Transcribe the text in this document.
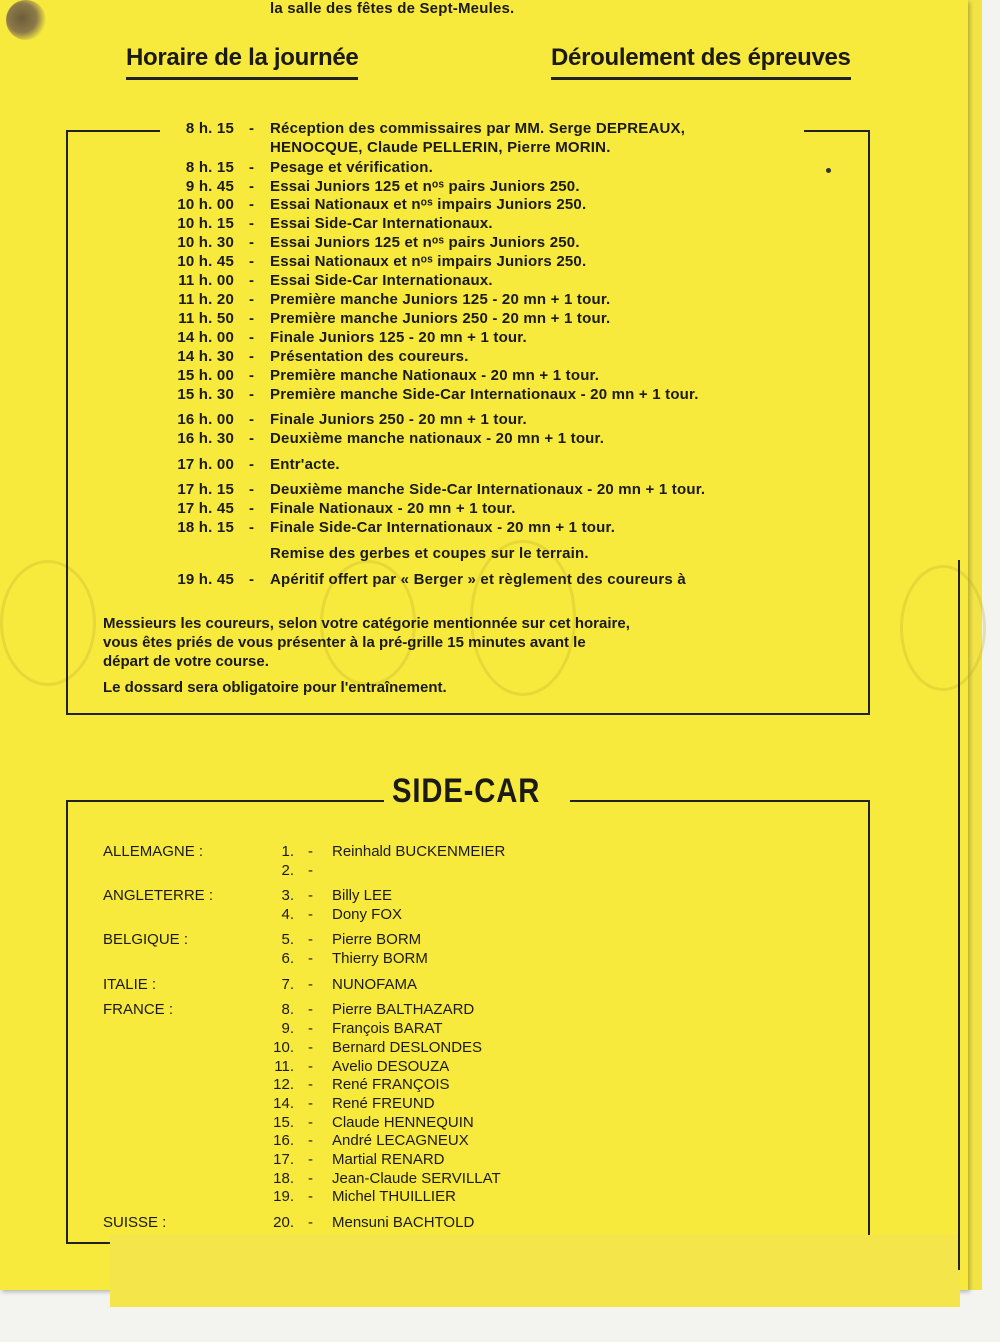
Horaire de la journée	Déroulement des épreuves
8 h. 15 - Réception des commissaires par MM. Serge DEPREAUX,
HENOCQUE, Claude PELLERIN, Pierre MORIN.
8 h. 15 - Pesage et vérification.
9 h. 45 - Essai Juniors 125 et nᵒˢ pairs Juniors 250.
10 h. 00 - Essai Nationaux et nᵒˢ impairs Juniors 250.
10 h. 15 - Essai Side-Car Internationaux.
10 h. 30 - Essai Juniors 125 et nᵒˢ pairs Juniors 250.
10 h. 45 - Essai Nationaux et nᵒˢ impairs Juniors 250.
11 h. 00 - Essai Side-Car Internationaux.
11 h. 20 - Première manche Juniors 125 - 20 mn + 1 tour.
11 h. 50 - Première manche Juniors 250 - 20 mn + 1 tour.
14 h. 00 - Finale Juniors 125 - 20 mn + 1 tour.
14 h. 30 - Présentation des coureurs.
15 h. 00 - Première manche Nationaux - 20 mn + 1 tour.
15 h. 30 - Première manche Side-Car Internationaux - 20 mn + 1 tour.
16 h. 00 - Finale Juniors 250 - 20 mn + 1 tour.
16 h. 30 - Deuxième manche nationaux - 20 mn + 1 tour.
17 h. 00 - Entr'acte.
17 h. 15 - Deuxième manche Side-Car Internationaux - 20 mn + 1 tour.
17 h. 45 - Finale Nationaux - 20 mn + 1 tour.
18 h. 15 - Finale Side-Car Internationaux - 20 mn + 1 tour.
Remise des gerbes et coupes sur le terrain.
19 h. 45 - Apéritif offert par « Berger » et règlement des coureurs à
la salle des fêtes de Sept-Meules.
Messieurs les coureurs, selon votre catégorie mentionnée sur cet horaire,
vous êtes priés de vous présenter à la pré-grille 15 minutes avant le
départ de votre course.
Le dossard sera obligatoire pour l'entraînement.
SIDE-CAR
ALLEMAGNE :	1. - Reinhald BUCKENMEIER
2. -
ANGLETERRE :	3. - Billy LEE
4. - Dony FOX
BELGIQUE :	5. - Pierre BORM
6. - Thierry BORM
ITALIE :	7. - NUNOFAMA
FRANCE :	8. - Pierre BALTHAZARD
9. - François BARAT
10. - Bernard DESLONDES
11. - Avelio DESOUZA
12. - René FRANÇOIS
14. - René FREUND
15. - Claude HENNEQUIN
16. - André LECAGNEUX
17. - Martial RENARD
18. - Jean-Claude SERVILLAT
19. - Michel THUILLIER
SUISSE :	20. - Mensuni BACHTOLD
